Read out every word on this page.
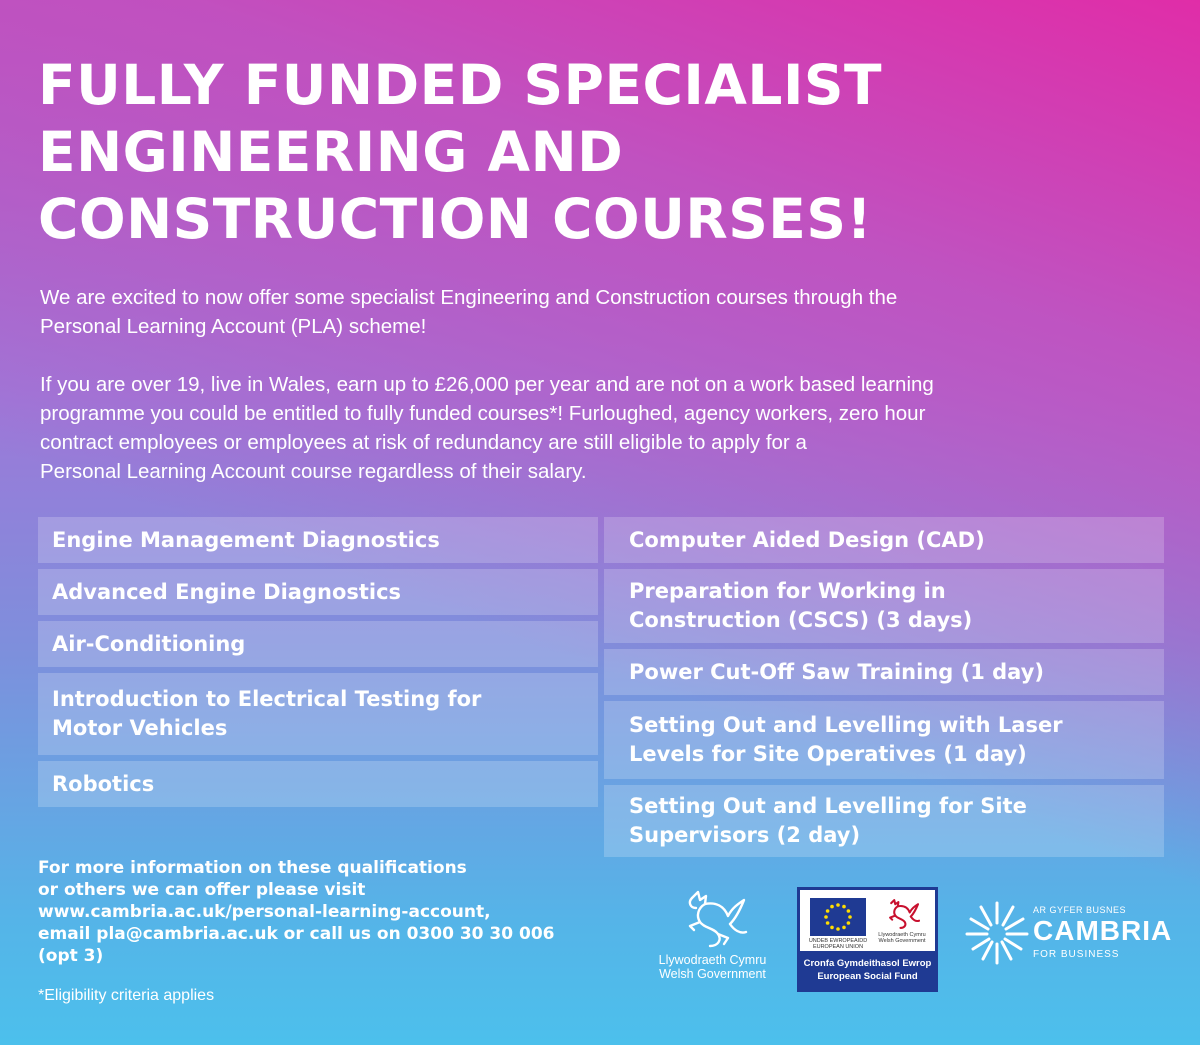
FULLY FUNDED SPECIALIST
ENGINEERING AND
CONSTRUCTION COURSES!
We are excited to now offer some specialist Engineering and Construction courses through the
Personal Learning Account (PLA) scheme!
If you are over 19, live in Wales, earn up to £26,000 per year and are not on a work based learning
programme you could be entitled to fully funded courses*! Furloughed, agency workers, zero hour
contract employees or employees at risk of redundancy are still eligible to apply for a
Personal Learning Account course regardless of their salary.
Engine Management Diagnostics
Advanced Engine Diagnostics
Air-Conditioning
Introduction to Electrical Testing for
Motor Vehicles
Robotics
Computer Aided Design (CAD)
Preparation for Working in
Construction (CSCS) (3 days)
Power Cut-Off Saw Training (1 day)
Setting Out and Levelling with Laser
Levels for Site Operatives (1 day)
Setting Out and Levelling for Site
Supervisors (2 day)
For more information on these qualifications
or others we can offer please visit
www.cambria.ac.uk/personal-learning-account,
email pla@cambria.ac.uk or call us on 0300 30 30 006
(opt 3)
*Eligibility criteria applies
Llywodraeth Cymru
Welsh Government
UNDEB EWROPEAIDD
EUROPEAN UNION
Llywodraeth Cymru
Welsh Government
Cronfa Gymdeithasol Ewrop
European Social Fund
AR GYFER BUSNES
CAMBRIA
FOR BUSINESS
